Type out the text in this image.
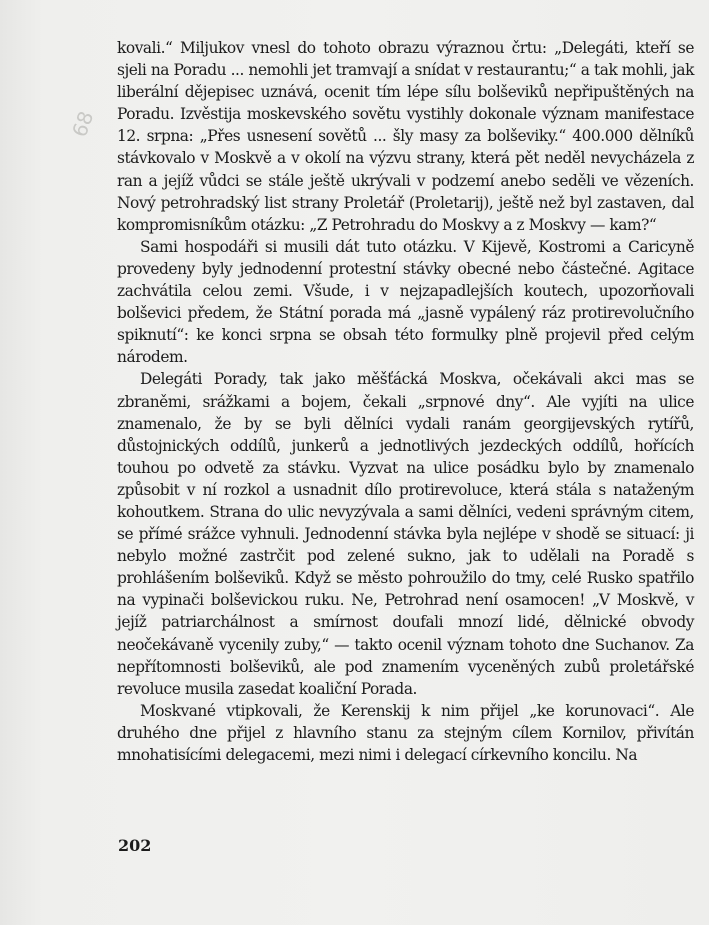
68

kovali.“ Miljukov vnesl do tohoto obrazu výraznou črtu: „Delegáti, kteří se sjeli na Poradu ... nemohli jet tramvají a snídat v restaurantu;“ a tak mohli, jak liberální dějepisec uznává, ocenit tím lépe sílu bolševiků nepřipuštěných na Poradu. Izvěstija moskevského sovětu vystihly dokonale význam manifestace 12. srpna: „Přes usnesení sovětů ... šly masy za bolševiky.“ 400.000 dělníků stávkovalo v Moskvě a v okolí na výzvu strany, která pět neděl nevycházela z ran a jejíž vůdci se stále ještě ukrývali v podzemí anebo seděli ve vězeních. Nový petrohradský list strany Proletář (Proletarij), ještě než byl zastaven, dal kompromisníkům otázku: „Z Petrohradu do Moskvy a z Moskvy — kam?“

Sami hospodáři si musili dát tuto otázku. V Kijevě, Kostromi a Caricyně provedeny byly jednodenní protestní stávky obecné nebo částečné. Agitace zachvátila celou zemi. Všude, i v nejzapadlejších koutech, upozorňovali bolševici předem, že Státní porada má „jasně vypálený ráz protirevolučního spiknutí“: ke konci srpna se obsah této formulky plně projevil před celým národem.

Delegáti Porady, tak jako měšťácká Moskva, očekávali akci mas se zbraněmi, srážkami a bojem, čekali „srpnové dny“. Ale vyjíti na ulice znamenalo, že by se byli dělníci vydali ranám georgijevských rytířů, důstojnických oddílů, junkerů a jednotlivých jezdeckých oddílů, hořících touhou po odvetě za stávku. Vyzvat na ulice posádku bylo by znamenalo způsobit v ní rozkol a usnadnit dílo protirevoluce, která stála s nataženým kohoutkem. Strana do ulic nevyzývala a sami dělníci, vedeni správným citem, se přímé srážce vyhnuli. Jednodenní stávka byla nejlépe v shodě se situací: ji nebylo možné zastrčit pod zelené sukno, jak to udělali na Poradě s prohlášením bolševiků. Když se město pohroužilo do tmy, celé Rusko spatřilo na vypinači bolševickou ruku. Ne, Petrohrad není osamocen! „V Moskvě, v jejíž patriarchálnost a smírnost doufali mnozí lidé, dělnické obvody neočekávaně vycenily zuby,“ — takto ocenil význam tohoto dne Suchanov. Za nepřítomnosti bolševiků, ale pod znamením vyceněných zubů proletářské revoluce musila zasedat koaliční Porada.

Moskvané vtipkovali, že Kerenskij k nim přijel „ke korunovaci“. Ale druhého dne přijel z hlavního stanu za stejným cílem Kornilov, přivítán mnohatisícími delegacemi, mezi nimi i delegací církevního koncilu. Na

202
